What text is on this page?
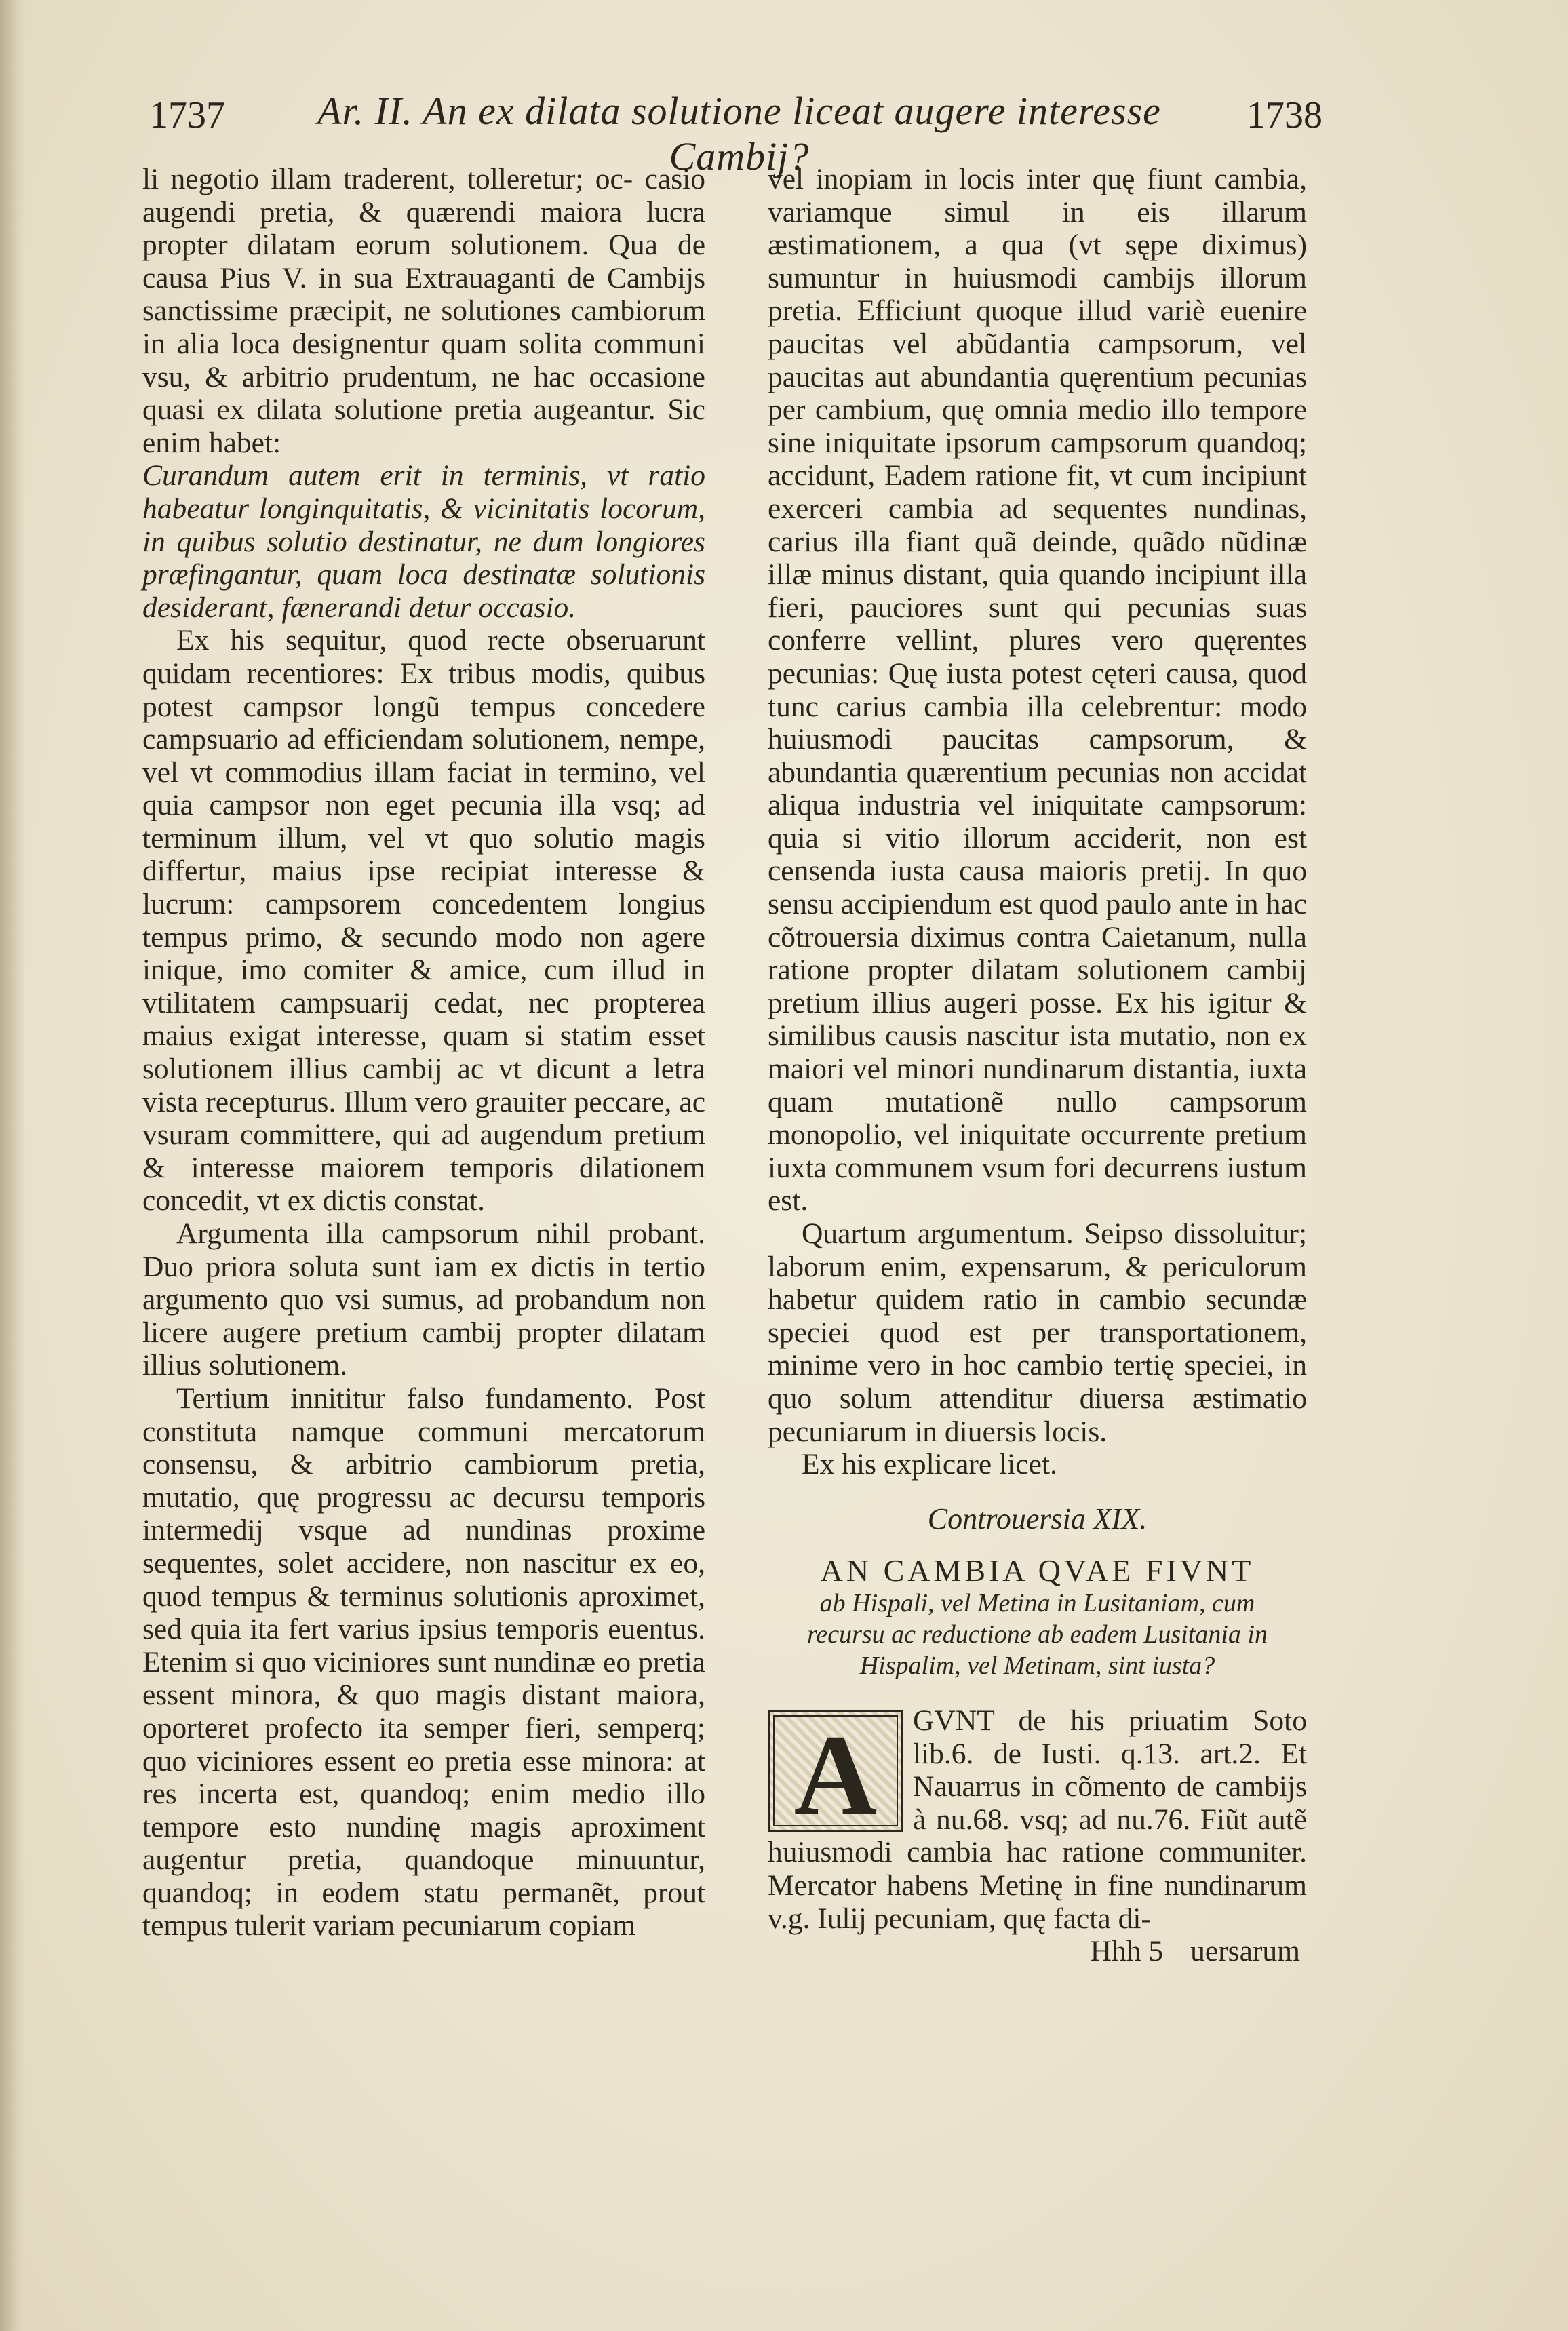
1737	Ar. II. An ex dilata solutione liceat augere interesse Cambij?
1738

li negotio illam traderent, tolleretur; oc- casio augendi pretia, & quærendi maiora lucra propter dilatam eorum solutionem. Qua de causa Pius V. in sua Extrauaganti de Cambijs sanctissime præcipit, ne solutiones cambiorum in alia loca designentur quam solita communi vsu, & arbitrio prudentum, ne hac occasione quasi ex dilata solutione pretia augeantur. Sic enim habet:

Curandum autem erit in terminis, vt ratio habeatur longinquitatis, & vicinitatis locorum, in quibus solutio destinatur, ne dum longiores præfingantur, quam loca destinatæ solutionis desiderant, fænerandi detur occasio.

Ex his sequitur, quod recte obseruarunt quidam recentiores: Ex tribus modis, quibus potest campsor longũ tempus concedere campsuario ad efficiendam solutionem, nempe, vel vt commodius illam faciat in termino, vel quia campsor non eget pecunia illa vsq; ad terminum illum, vel vt quo solutio magis differtur, maius ipse recipiat interesse & lucrum: campsorem concedentem longius tempus primo, & secundo modo non agere inique, imo comiter & amice, cum illud in vtilitatem campsuarij cedat, nec propterea maius exigat interesse, quam si statim esset solutionem illius cambij ac vt dicunt a letra vista recepturus. Illum vero grauiter peccare, ac vsuram committere, qui ad augendum pretium & interesse maiorem temporis dilationem concedit, vt ex dictis constat.

Argumenta illa campsorum nihil probant. Duo priora soluta sunt iam ex dictis in tertio argumento quo vsi sumus, ad probandum non licere augere pretium cambij propter dilatam illius solutionem.

Tertium innititur falso fundamento. Post constituta namque communi mercatorum consensu, & arbitrio cambiorum pretia, mutatio, quę progressu ac decursu temporis intermedij vsque ad nundinas proxime sequentes, solet accidere, non nascitur ex eo, quod tempus & terminus solutionis aproximet, sed quia ita fert varius ipsius temporis euentus. Etenim si quo viciniores sunt nundinæ eo pretia essent minora, & quo magis distant maiora, oporteret profecto ita semper fieri, semperq; quo viciniores essent eo pretia esse minora: at res incerta est, quandoq; enim medio illo tempore esto nundinę magis aproximent augentur pretia, quandoque minuuntur, quandoq; in eodem statu permanẽt, prout tempus tulerit variam pecuniarum copiam

vel inopiam in locis inter quę fiunt cambia, variamque simul in eis illarum æstimationem, a qua (vt sępe diximus) sumuntur in huiusmodi cambijs illorum pretia. Efficiunt quoque illud variè euenire paucitas vel abũdantia campsorum, vel paucitas aut abundantia quęrentium pecunias per cambium, quę omnia medio illo tempore sine iniquitate ipsorum campsorum quandoq; accidunt, Eadem ratione fit, vt cum incipiunt exerceri cambia ad sequentes nundinas, carius illa fiant quã deinde, quãdo nũdinæ illæ minus distant, quia quando incipiunt illa fieri, pauciores sunt qui pecunias suas conferre vellint, plures vero quęrentes pecunias: Quę iusta potest cęteri causa, quod tunc carius cambia illa celebrentur: modo huiusmodi paucitas campsorum, & abundantia quærentium pecunias non accidat aliqua industria vel iniquitate campsorum: quia si vitio illorum acciderit, non est censenda iusta causa maioris pretij. In quo sensu accipiendum est quod paulo ante in hac cõtrouersia diximus contra Caietanum, nulla ratione propter dilatam solutionem cambij pretium illius augeri posse. Ex his igitur & similibus causis nascitur ista mutatio, non ex maiori vel minori nundinarum distantia, iuxta quam mutationẽ nullo campsorum monopolio, vel iniquitate occurrente pretium iuxta communem vsum fori decurrens iustum est.

Quartum argumentum. Seipso dissoluitur; laborum enim, expensarum, & periculorum habetur quidem ratio in cambio secundæ speciei quod est per transportationem, minime vero in hoc cambio tertię speciei, in quo solum attenditur diuersa æstimatio pecuniarum in diuersis locis.

Ex his explicare licet.

Controuersia XIX.

AN CAMBIA QVAE FIVNT

ab Hispali, vel Metina in Lusitaniam, cum recursu ac reductione ab eadem Lusitania in Hispalim, vel Metinam, sint iusta?

A GVNT de his priuatim Soto lib.6. de Iusti. q.13. art.2. Et Nauarrus in cõmento de cambijs à nu.68. vsq; ad nu.76. Fiũt autẽ huiusmodi cambia hac ratione communiter. Mercator habens Metinę in fine nundinarum v.g. Iulij pecuniam, quę facta di-

Hhh 5 uersarum
